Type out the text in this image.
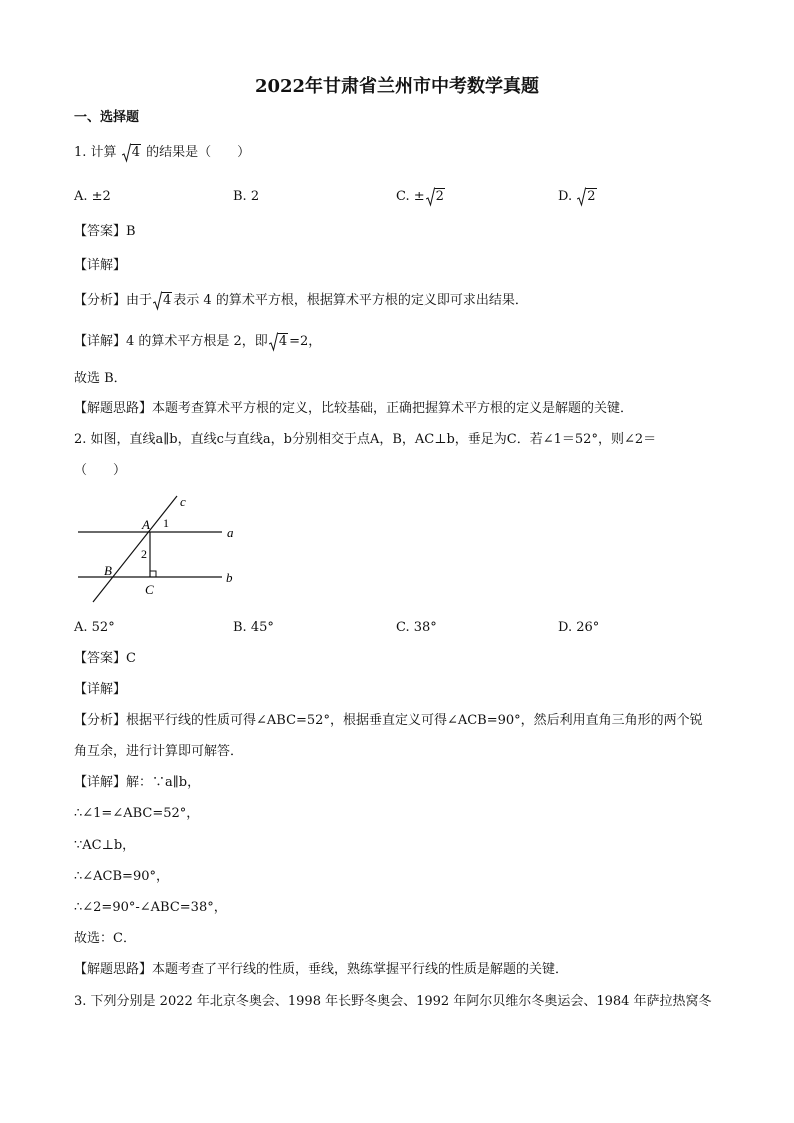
2022年甘肃省兰州市中考数学真题
一、选择题
1. 计算 4 的结果是（　　）
A. ±2	B. 2	C. ± 2	D. 2
【答案】B
【详解】
【分析】由于 4 表示 4 的算术平方根，根据算术平方根的定义即可求出结果．
【详解】4 的算术平方根是 2，即 4 =2，
故选 B．
【解题思路】本题考查算术平方根的定义，比较基础，正确把握算术平方根的定义是解题的关键．
2. 如图，直线a∥b，直线c与直线a，b分别相交于点A，B，AC⊥b，垂足为C．若∠1＝52°，则∠2＝
（　　）
c
a
b
A
B
C
1
2
A. 52°	B. 45°	C. 38°	D. 26°
【答案】C
【详解】
【分析】根据平行线的性质可得∠ABC=52°，根据垂直定义可得∠ACB=90°，然后利用直角三角形的两个锐
角互余，进行计算即可解答．
【详解】解：∵a∥b，
∴∠1=∠ABC=52°，
∵AC⊥b，
∴∠ACB=90°，
∴∠2=90°-∠ABC=38°，
故选：C．
【解题思路】本题考查了平行线的性质，垂线，熟练掌握平行线的性质是解题的关键．
3. 下列分别是 2022 年北京冬奥会、1998 年长野冬奥会、1992 年阿尔贝维尔冬奥运会、1984 年萨拉热窝冬
